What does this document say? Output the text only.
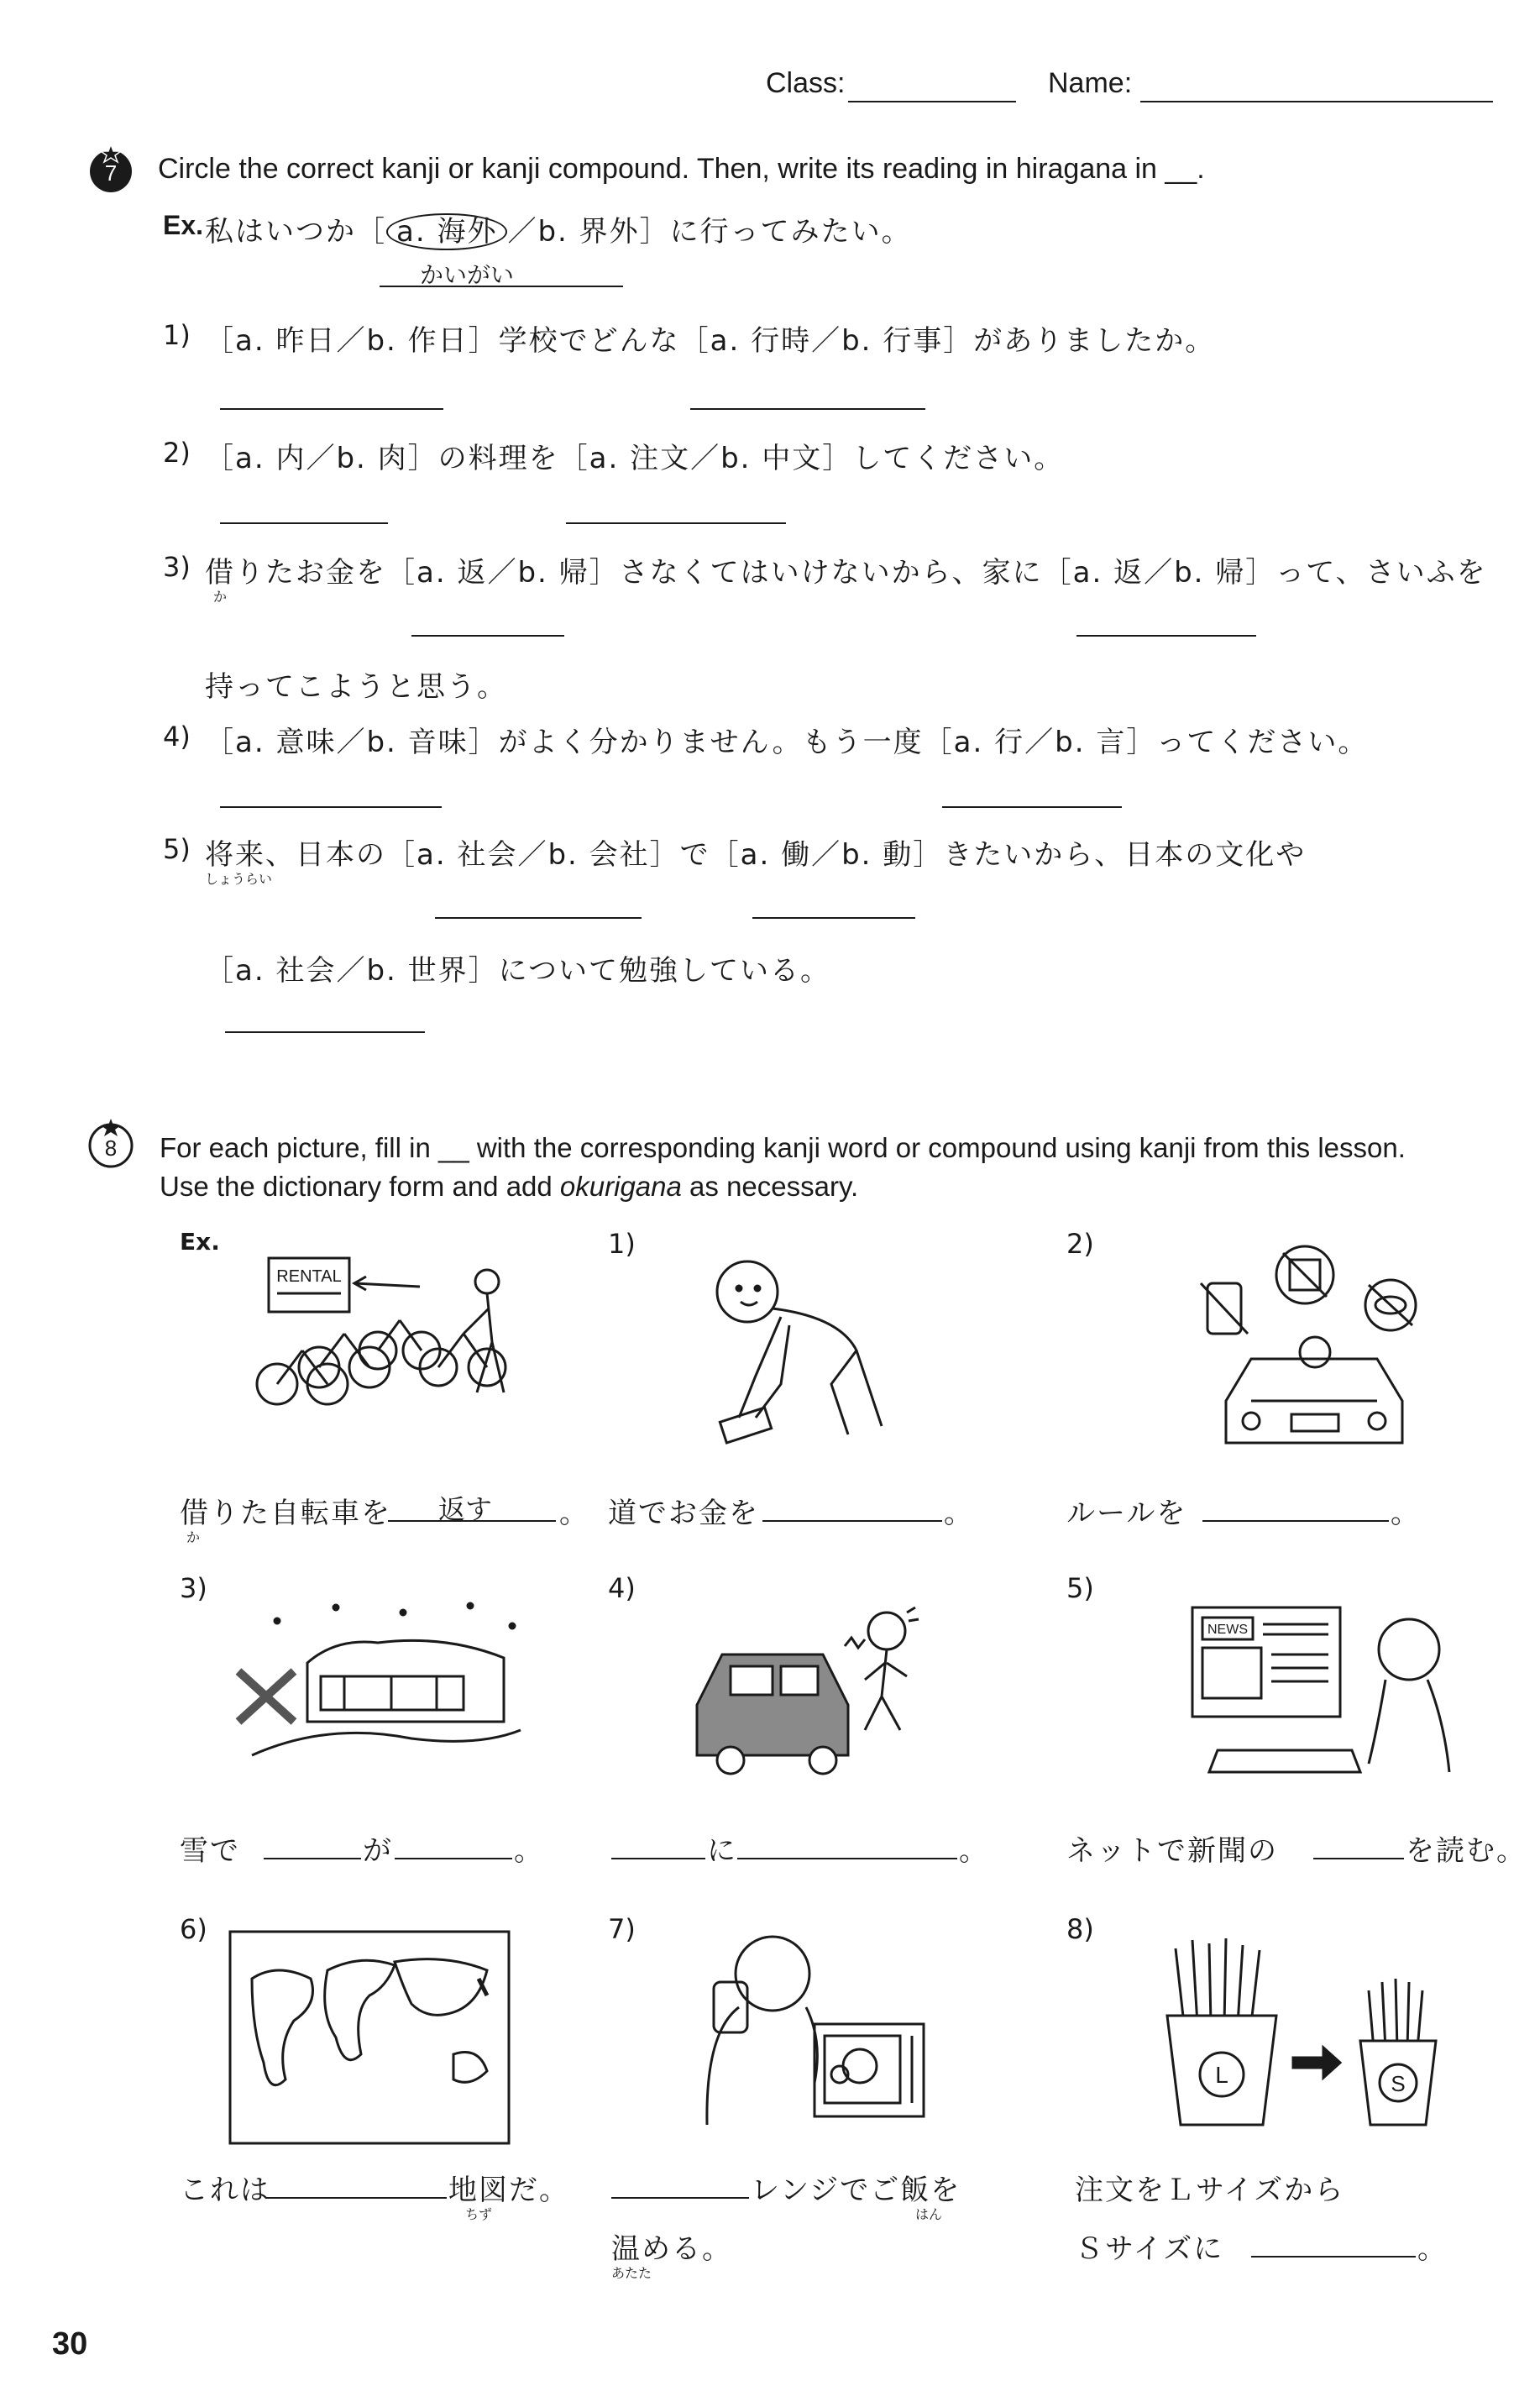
Class:	Name:
7 Circle the correct kanji or kanji compound. Then, write its reading in hiragana in __.
Ex. 私はいつか［ a. 海外 ／b. 界外］に行ってみたい。
かいがい
1) ［a. 昨日／b. 作日］学校でどんな［a. 行時／b. 行事］がありましたか。
2) ［a. 内／b. 肉］の料理を［a. 注文／b. 中文］してください。
3) 借りたお金を［a. 返／b. 帰］さなくてはいけないから、家に［a. 返／b. 帰］って、さいふを
か
持ってこようと思う。
4) ［a. 意味／b. 音味］がよく分かりません。もう一度［a. 行／b. 言］ってください。
5) 将来、日本の［a. 社会／b. 会社］で［a. 働／b. 動］きたいから、日本の文化や
しょうらい
［a. 社会／b. 世界］について勉強している。
8 For each picture, fill in __ with the corresponding kanji word or compound using kanji from this lesson.
Use the dictionary form and add okurigana as necessary.
Ex.	1)	2)
RENTAL
借りた自転車を
か
返す 。 道でお金を	。	ルールを	。
3)	4)	5)
NEWS
雪で	が	。	に	。	ネットで新聞の	を読む。
6)	7)	8)
L	S
これは	地図だ。
ちず
レンジでご飯を
はん
温める。
あたた
注文をＬサイズから
Ｓサイズに	。
30
